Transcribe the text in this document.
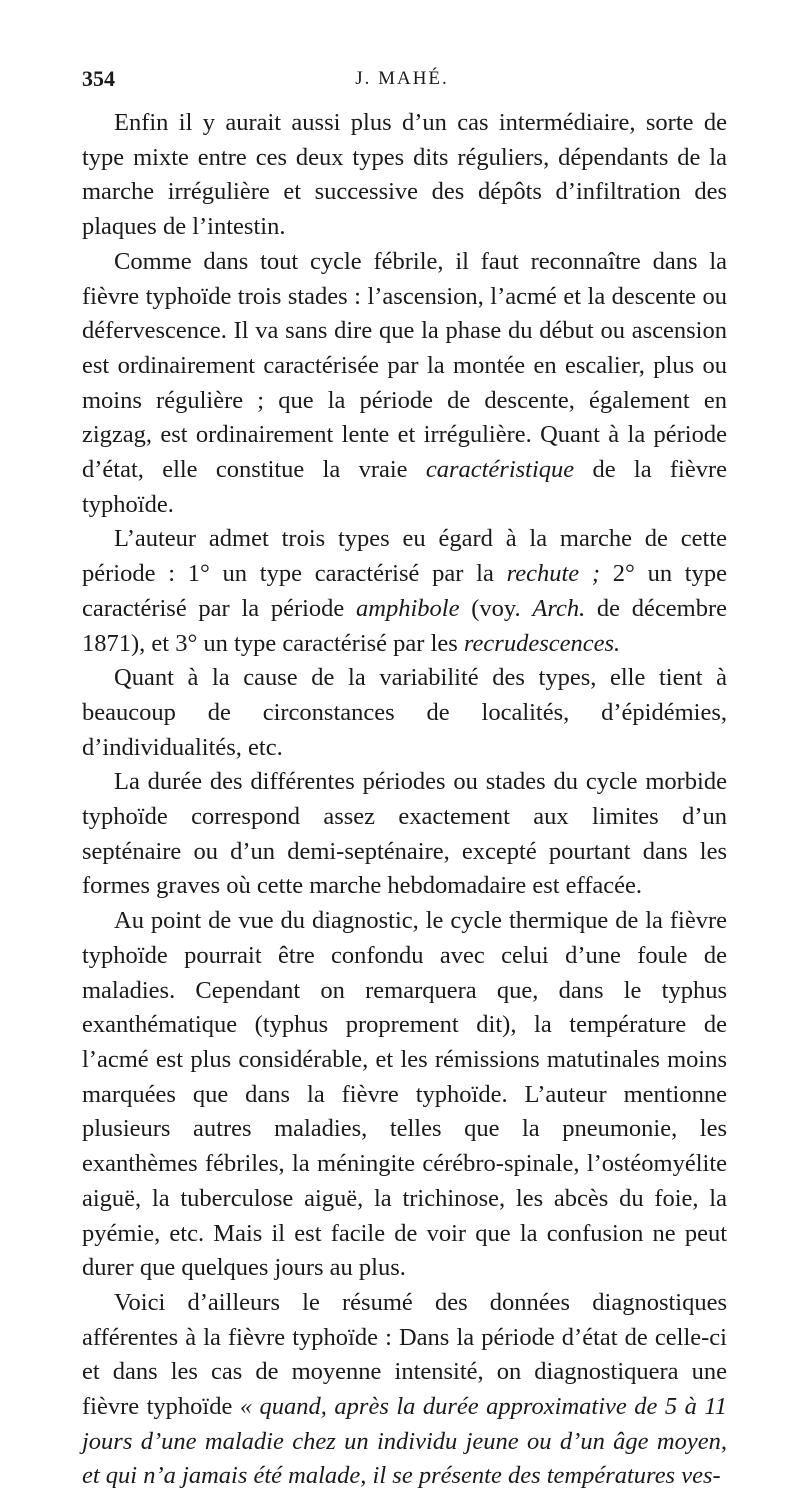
354	J. MAHÉ.

Enfin il y aurait aussi plus d’un cas intermédiaire, sorte de type mixte entre ces deux types dits réguliers, dépendants de la marche irrégulière et successive des dépôts d’infiltration des plaques de l’intestin.

Comme dans tout cycle fébrile, il faut reconnaître dans la fièvre typhoïde trois stades : l’ascension, l’acmé et la descente ou défervescence. Il va sans dire que la phase du début ou ascension est ordinairement caractérisée par la montée en escalier, plus ou moins régulière ; que la période de descente, également en zigzag, est ordinairement lente et irrégulière. Quant à la période d’état, elle constitue la vraie caractéristique de la fièvre typhoïde.

L’auteur admet trois types eu égard à la marche de cette période : 1° un type caractérisé par la rechute ; 2° un type caractérisé par la période amphibole (voy. Arch. de décembre 1871), et 3° un type caractérisé par les recrudescences.

Quant à la cause de la variabilité des types, elle tient à beaucoup de circonstances de localités, d’épidémies, d’individualités, etc.

La durée des différentes périodes ou stades du cycle morbide typhoïde correspond assez exactement aux limites d’un septénaire ou d’un demi-septénaire, excepté pourtant dans les formes graves où cette marche hebdomadaire est effacée.

Au point de vue du diagnostic, le cycle thermique de la fièvre typhoïde pourrait être confondu avec celui d’une foule de maladies. Cependant on remarquera que, dans le typhus exanthématique (typhus proprement dit), la température de l’acmé est plus considérable, et les rémissions matutinales moins marquées que dans la fièvre typhoïde. L’auteur mentionne plusieurs autres maladies, telles que la pneumonie, les exanthèmes fébriles, la méningite cérébro-spinale, l’ostéomyélite aiguë, la tuberculose aiguë, la trichinose, les abcès du foie, la pyémie, etc. Mais il est facile de voir que la confusion ne peut durer que quelques jours au plus.

Voici d’ailleurs le résumé des données diagnostiques afférentes à la fièvre typhoïde : Dans la période d’état de celle-ci et dans les cas de moyenne intensité, on diagnostiquera une fièvre typhoïde « quand, après la durée approximative de 5 à 11 jours d’une maladie chez un individu jeune ou d’un âge moyen, et qui n’a jamais été malade, il se présente des températures ves-
